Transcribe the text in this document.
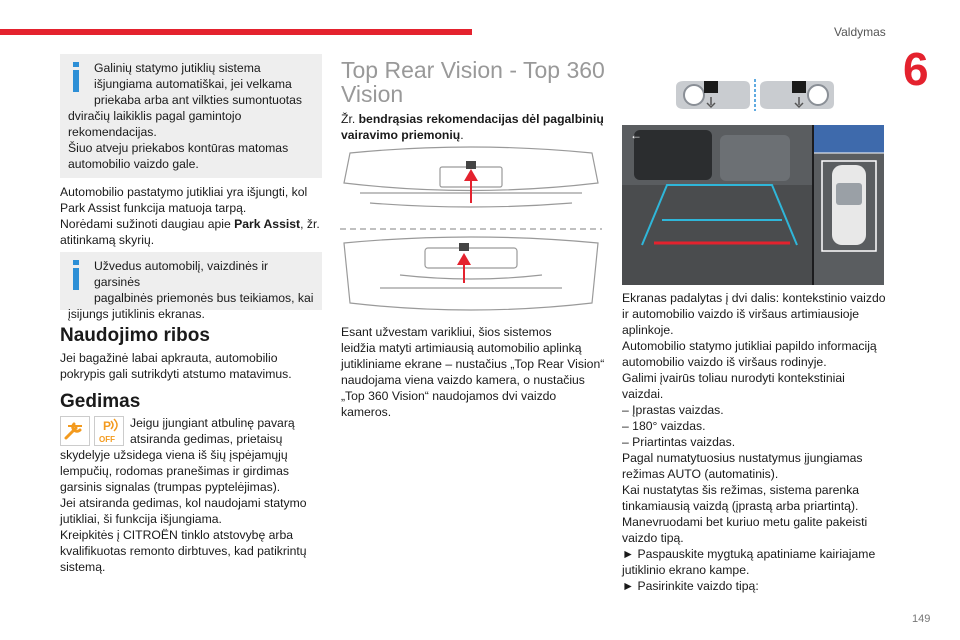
Valdymas
6
149

Galinių statymo jutiklių sistema

išjungiama automatiškai, jei velkama

priekaba arba ant vilkties sumontuotas

dviračių laikiklis pagal gamintojo

rekomendacijas.

Šiuo atveju priekabos kontūras matomas

automobilio vaizdo gale.

Automobilio pastatymo jutikliai yra išjungti, kol
Park Assist funkcija matuoja tarpą.
Norėdami sužinoti daugiau apie Park Assist, žr.
atitinkamą skyrių.

Užvedus automobilį, vaizdinės ir garsinės

pagalbinės priemonės bus teikiamos, kai

įsijungs jutiklinis ekranas.

Naudojimo ribos
Jei bagažinė labai apkrauta, automobilio
pokrypis gali sutrikdyti atstumo matavimus.
Gedimas
P
OFF
Jeigu įjungiant atbulinę pavarą
atsiranda gedimas, prietaisų
skydelyje užsidega viena iš šių įspėjamųjų
lempučių, rodomas pranešimas ir girdimas
garsinis signalas (trumpas pyptelėjimas).
Jei atsiranda gedimas, kol naudojami statymo
jutikliai, ši funkcija išjungiama.
Kreipkitės į CITROËN tinklo atstovybę arba
kvalifikuotas remonto dirbtuves, kad patikrintų
sistemą.
Top Rear Vision - Top 360
Vision
Žr. bendrąsias rekomendacijas dėl pagalbinių
vairavimo priemonių.
Esant užvestam varikliui, šios sistemos
leidžia matyti artimiausią automobilio aplinką
jutikliniame ekrane – nustačius „Top Rear Vision“
naudojama viena vaizdo kamera, o nustačius
„Top 360 Vision“ naudojamos dvi vaizdo
kameros.
←

Ekranas padalytas į dvi dalis: kontekstinio vaizdo

ir automobilio vaizdo iš viršaus artimiausioje

aplinkoje.

Automobilio statymo jutikliai papildo informaciją

automobilio vaizdo iš viršaus rodinyje.

Galimi įvairūs toliau nurodyti kontekstiniai

vaizdai.

– Įprastas vaizdas.

– 180° vaizdas.

– Priartintas vaizdas.

Pagal numatytuosius nustatymus įjungiamas

režimas AUTO (automatinis).

Kai nustatytas šis režimas, sistema parenka

tinkamiausią vaizdą (įprastą arba priartintą).

Manevruodami bet kuriuo metu galite pakeisti

vaizdo tipą.

► Paspauskite mygtuką apatiniame kairiajame

jutiklinio ekrano kampe.

► Pasirinkite vaizdo tipą:
